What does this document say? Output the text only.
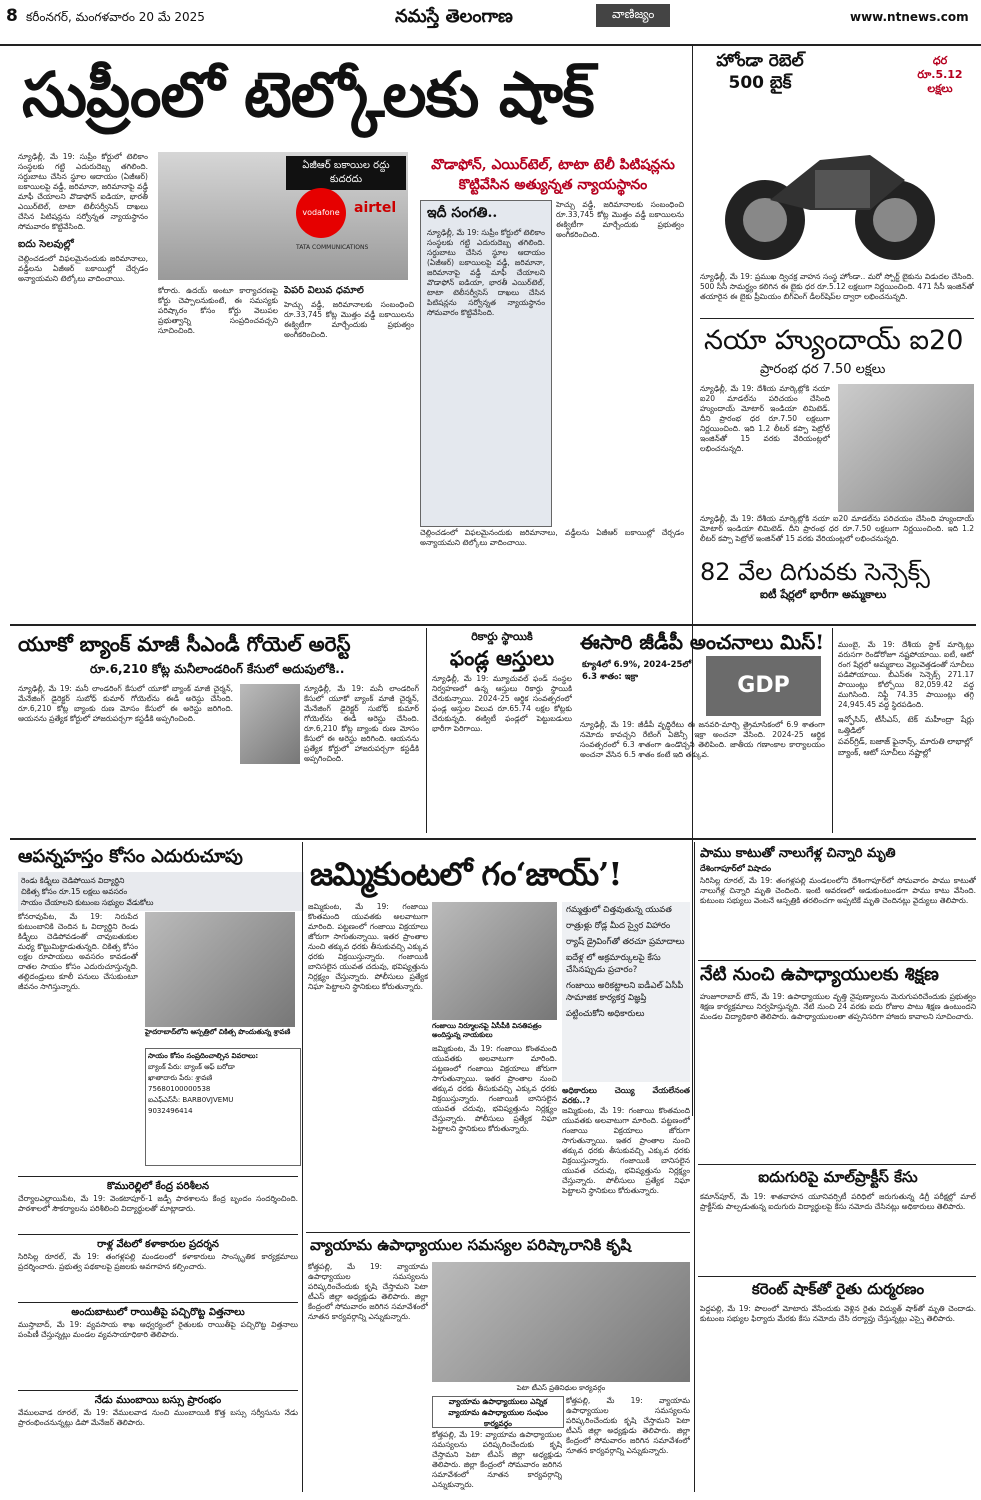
8 కరీంనగర్, మంగళవారం 20 మే 2025	నమస్తే తెలంగాణ	వాణిజ్యం	www.ntnews.com
సుప్రీంలో టెల్కోలకు షాక్
న్యూఢిల్లీ, మే 19: సుప్రీం కోర్టులో టెలికాం సంస్థలకు గట్టి ఎదురుదెబ్బ తగిలింది. సర్దుబాటు చేసిన స్థూల ఆదాయం (ఏజీఆర్) బకాయిలపై వడ్డీ, జరిమానా, జరిమానాపై వడ్డీ మాఫీ చేయాలని వొడాఫోన్ ఐడియా, భారతీ ఎయిర్‌టెల్, టాటా టెలీసర్వీసెస్ దాఖలు చేసిన పిటిషన్లను సర్వోన్నత న్యాయస్థానం సోమవారం కొట్టివేసింది.
ఐదు సెలవుల్లో
చెల్లించడంలో విఫలమైనందుకు జరిమానాలు, వడ్డీలను ఏజీఆర్ బకాయిల్లో చేర్చడం అన్యాయమని టెల్కోలు వాదించాయి.
ఏజీఆర్ బకాయిల రద్దు కుదరదు
vodafone	airtel
TATA COMMUNICATIONS
వొడాఫోన్, ఎయిర్‌టెల్, టాటా టెలీ పిటిషన్లను కొట్టివేసిన అత్యున్నత న్యాయస్థానం
కోరారు. ఉదయ్ అంటూ కార్యాచరణపై కోర్టు చెప్పాలనుకుంటే, ఈ సమస్యకు పరిష్కారం కోసం కోర్టు వెలుపల ప్రభుత్వాన్ని సంప్రదించవచ్చని సూచించింది.
పేపర్ విలువ ధమాల్
హెచ్చు వడ్డీ, జరిమానాలకు సంబంధించి రూ.33,745 కోట్ల మొత్తం వడ్డీ బకాయిలను ఈక్విటీగా మార్చేందుకు ప్రభుత్వం అంగీకరించింది.
ఇదీ సంగతి..
న్యూఢిల్లీ, మే 19: సుప్రీం కోర్టులో టెలికాం సంస్థలకు గట్టి ఎదురుదెబ్బ తగిలింది. సర్దుబాటు చేసిన స్థూల ఆదాయం (ఏజీఆర్) బకాయిలపై వడ్డీ, జరిమానా, జరిమానాపై వడ్డీ మాఫీ చేయాలని వొడాఫోన్ ఐడియా, భారతీ ఎయిర్‌టెల్, టాటా టెలీసర్వీసెస్ దాఖలు చేసిన పిటిషన్లను సర్వోన్నత న్యాయస్థానం సోమవారం కొట్టివేసింది.
హెచ్చు వడ్డీ, జరిమానాలకు సంబంధించి రూ.33,745 కోట్ల మొత్తం వడ్డీ బకాయిలను ఈక్విటీగా మార్చేందుకు ప్రభుత్వం అంగీకరించింది.
చెల్లించడంలో విఫలమైనందుకు జరిమానాలు, వడ్డీలను ఏజీఆర్ బకాయిల్లో చేర్చడం అన్యాయమని టెల్కోలు వాదించాయి.
హోండా రెబెల్ 500 బైక్
ధర
రూ.5.12 లక్షలు
న్యూఢిల్లీ, మే 19: ప్రముఖ ద్విచక్ర వాహన సంస్థ హోండా.. మరో స్పోర్ట్ బైకును విడుదల చేసింది. 500 సీసీ సామర్థ్యం కలిగిన ఈ బైకు ధర రూ.5.12 లక్షలుగా నిర్ణయించింది. 471 సీసీ ఇంజిన్‌తో తయారైన ఈ బైకు ప్రీమియం బిగ్‌వింగ్ డీలర్‌షిప్‌ల ద్వారా లభించనున్నది.
నయా హ్యుందాయ్ ఐ20
ప్రారంభ ధర 7.50 లక్షలు
న్యూఢిల్లీ, మే 19: దేశీయ మార్కెట్లోకి నయా ఐ20 మాడల్‌ను పరిచయం చేసింది హ్యుందాయ్ మోటార్ ఇండియా లిమిటెడ్. దీని ప్రారంభ ధర రూ.7.50 లక్షలుగా నిర్ణయించింది. ఇది 1.2 లీటర్ కప్పా పెట్రోల్ ఇంజిన్‌తో 15 వరకు వేరియంట్లలో లభించనున్నది.
న్యూఢిల్లీ, మే 19: దేశీయ మార్కెట్లోకి నయా ఐ20 మాడల్‌ను పరిచయం చేసింది హ్యుందాయ్ మోటార్ ఇండియా లిమిటెడ్. దీని ప్రారంభ ధర రూ.7.50 లక్షలుగా నిర్ణయించింది. ఇది 1.2 లీటర్ కప్పా పెట్రోల్ ఇంజిన్‌తో 15 వరకు వేరియంట్లలో లభించనున్నది.
యూకో బ్యాంక్ మాజీ సీఎండీ గోయెల్ అరెస్ట్
రూ.6,210 కోట్ల మనీలాండరింగ్ కేసులో అదుపులోకి..
న్యూఢిల్లీ, మే 19: మనీ లాండరింగ్ కేసులో యూకో బ్యాంక్ మాజీ చైర్మన్, మేనేజింగ్ డైరెక్టర్ సుబోధ్ కుమార్ గోయెల్‌ను ఈడీ అరెస్టు చేసింది. రూ.6,210 కోట్ల బ్యాంకు రుణ మోసం కేసులో ఈ అరెస్టు జరిగింది. ఆయనను ప్రత్యేక కోర్టులో హాజరుపర్చగా కస్టడీకి అప్పగించింది.
న్యూఢిల్లీ, మే 19: మనీ లాండరింగ్ కేసులో యూకో బ్యాంక్ మాజీ చైర్మన్, మేనేజింగ్ డైరెక్టర్ సుబోధ్ కుమార్ గోయెల్‌ను ఈడీ అరెస్టు చేసింది. రూ.6,210 కోట్ల బ్యాంకు రుణ మోసం కేసులో ఈ అరెస్టు జరిగింది. ఆయనను ప్రత్యేక కోర్టులో హాజరుపర్చగా కస్టడీకి అప్పగించింది.
రికార్డు స్థాయికి
ఫండ్ల ఆస్తులు
న్యూఢిల్లీ, మే 19: మ్యూచువల్ ఫండ్ సంస్థల నిర్వహణలో ఉన్న ఆస్తులు రికార్డు స్థాయికి చేరుకున్నాయి. 2024-25 ఆర్థిక సంవత్సరంలో ఫండ్ల ఆస్తుల విలువ రూ.65.74 లక్షల కోట్లకు చేరుకున్నది. ఈక్విటీ ఫండ్లలో పెట్టుబడులు భారీగా పెరిగాయి.
ఈసారి జీడీపీ అంచనాలు మిస్!
క్యూ4లో 6.9%, 2024-25లో 6.3 శాతం: ఇక్రా	GDP
న్యూఢిల్లీ, మే 19: జీడీపీ వృద్ధిరేటు ఈ జనవరి-మార్చి త్రైమాసికంలో 6.9 శాతంగా నమోదు కావచ్చని రేటింగ్ ఏజెన్సీ ఇక్రా అంచనా వేసింది. 2024-25 ఆర్థిక సంవత్సరంలో 6.3 శాతంగా ఉండొచ్చని తెలిపింది. జాతీయ గణాంకాల కార్యాలయం అంచనా వేసిన 6.5 శాతం కంటే ఇది తక్కువ.
82 వేల దిగువకు సెన్సెక్స్
ఐటీ షేర్లలో భారీగా అమ్మకాలు
ముంబై, మే 19: దేశీయ స్టాక్ మార్కెట్లు వరుసగా రెండోరోజూ నష్టపోయాయి. ఐటీ, ఆటో రంగ షేర్లలో అమ్మకాలు వెల్లువెత్తడంతో సూచీలు పడిపోయాయి. బీఎస్ఈ సెన్సెక్స్ 271.17 పాయింట్లు కోల్పోయి 82,059.42 వద్ద ముగిసింది. నిఫ్టీ 74.35 పాయింట్లు తగ్గి 24,945.45 వద్ద స్థిరపడింది.
ఇన్ఫోసిస్, టీసీఎస్, టెక్ మహీంద్రా షేర్లు ఒత్తిడిలో
పవర్‌గ్రిడ్, బజాజ్ ఫైనాన్స్, మారుతి లాభాల్లో
బ్యాంక్, ఆటో సూచీలు నష్టాల్లో
ఆపన్నహస్తం కోసం ఎదురుచూపు
రెండు కిడ్నీలు చెడిపోయిన విద్యార్థిని
చికిత్స కోసం రూ.15 లక్షలు అవసరం
సాయం చేయాలని కుటుంబ సభ్యుల వేడుకోలు
కోనరావుపేట, మే 19: నిరుపేద కుటుంబానికి చెందిన ఓ విద్యార్థిని రెండు కిడ్నీలు చెడిపోవడంతో చావుబతుకుల మధ్య కొట్టుమిట్టాడుతున్నది. చికిత్స కోసం లక్షల రూపాయలు అవసరం కావడంతో దాతల సాయం కోసం ఎదురుచూస్తున్నది. తల్లిదండ్రులు కూలీ పనులు చేసుకుంటూ జీవనం సాగిస్తున్నారు.
హైదరాబాద్‌లోని ఆస్పత్రిలో చికిత్స పొందుతున్న శ్రావణి
సాయం కోసం సంప్రదించాల్సిన వివరాలు:
బ్యాంక్ పేరు: బ్యాంక్ ఆఫ్ బరోడా
ఖాతాదారు పేరు: శ్రావణి
75680100000538
ఐఎఫ్ఎస్‌సీ: BARB0VJVEMU
9032496414
కొమురెల్లిలో కేంద్ర పరిశీలన
చేర్యాలఎల్లాయిపేట, మే 19: వెంకటాపూర్-1 జడ్పీ పాఠశాలను కేంద్ర బృందం సందర్శించింది. పాఠశాలలో సౌకర్యాలను పరిశీలించి విద్యార్థులతో మాట్లాడారు.
రాళ్ల వేటలో కళాకారుల ప్రదర్శన
సిరిసిల్ల రూరల్, మే 19: తంగళ్లపల్లి మండలంలో కళాకారులు సాంస్కృతిక కార్యక్రమాలు ప్రదర్శించారు. ప్రభుత్వ పథకాలపై ప్రజలకు అవగాహన కల్పించారు.
అందుబాటులో రాయితీపై పచ్చిరొట్ట విత్తనాలు
ముస్తాబాద్, మే 19: వ్యవసాయ శాఖ ఆధ్వర్యంలో రైతులకు రాయితీపై పచ్చిరొట్ట విత్తనాలు పంపిణీ చేస్తున్నట్లు మండల వ్యవసాయాధికారి తెలిపారు.
నేడు ముంబాయి బస్సు ప్రారంభం
వేములవాడ రూరల్, మే 19: వేములవాడ నుంచి ముంబాయికి కొత్త బస్సు సర్వీసును నేడు ప్రారంభించనున్నట్లు డిపో మేనేజర్ తెలిపారు.
జమ్మికుంటలో గం‘జాయ్’!
జమ్మికుంట, మే 19: గంజాయి కొంతమంది యువతకు అలవాటుగా మారింది. పట్టణంలో గంజాయి విక్రయాలు జోరుగా సాగుతున్నాయి. ఇతర ప్రాంతాల నుంచి తక్కువ ధరకు తీసుకువచ్చి ఎక్కువ ధరకు విక్రయిస్తున్నారు. గంజాయికి బానిసలైన యువత చదువు, భవిష్యత్తును నిర్లక్ష్యం చేస్తున్నారు. పోలీసులు ప్రత్యేక నిఘా పెట్టాలని స్థానికులు కోరుతున్నారు.
గంజాయి నిర్మూలనపై ఏసీపీకి వినతిపత్రం అందిస్తున్న నాయకులు
జమ్మికుంట, మే 19: గంజాయి కొంతమంది యువతకు అలవాటుగా మారింది. పట్టణంలో గంజాయి విక్రయాలు జోరుగా సాగుతున్నాయి. ఇతర ప్రాంతాల నుంచి తక్కువ ధరకు తీసుకువచ్చి ఎక్కువ ధరకు విక్రయిస్తున్నారు. గంజాయికి బానిసలైన యువత చదువు, భవిష్యత్తును నిర్లక్ష్యం చేస్తున్నారు. పోలీసులు ప్రత్యేక నిఘా పెట్టాలని స్థానికులు కోరుతున్నారు.
గమ్మత్తులో చిత్తవుతున్న యువత
రాత్రుళ్లు రోడ్ల మీద స్వైర విహారం
ర్యాష్ డ్రైవింగ్‌తో తరచూ ప్రమాదాలు
ఐదేళ్ల లో అక్రమార్కులపై కేసు చేసినప్పుడు ప్రచారం?
గంజాయి అరికట్టాలని ఐడీఎల్ ఏసీపీ సామాజిక కార్యకర్త విజ్ఞప్తి
పట్టించుకోని అధికారులు
అధికారులు చెయ్యి వేయలేనంత వరకు..?
జమ్మికుంట, మే 19: గంజాయి కొంతమంది యువతకు అలవాటుగా మారింది. పట్టణంలో గంజాయి విక్రయాలు జోరుగా సాగుతున్నాయి. ఇతర ప్రాంతాల నుంచి తక్కువ ధరకు తీసుకువచ్చి ఎక్కువ ధరకు విక్రయిస్తున్నారు. గంజాయికి బానిసలైన యువత చదువు, భవిష్యత్తును నిర్లక్ష్యం చేస్తున్నారు. పోలీసులు ప్రత్యేక నిఘా పెట్టాలని స్థానికులు కోరుతున్నారు.
వ్యాయామ ఉపాధ్యాయుల సమస్యల పరిష్కారానికి కృషి
కోత్తపల్లి, మే 19: వ్యాయామ ఉపాధ్యాయుల సమస్యలను పరిష్కరించేందుకు కృషి చేస్తామని పెటా టీఎస్ జిల్లా అధ్యక్షుడు తెలిపారు. జిల్లా కేంద్రంలో సోమవారం జరిగిన సమావేశంలో నూతన కార్యవర్గాన్ని ఎన్నుకున్నారు.
పెటా టీఎస్ ప్రతినిధుల కార్యవర్గం
వ్యాయామ ఉపాధ్యాయులు ఎన్నిక
వ్యాయామ ఉపాధ్యాయుల సంఘం కార్యవర్గం
కోత్తపల్లి, మే 19: వ్యాయామ ఉపాధ్యాయుల సమస్యలను పరిష్కరించేందుకు కృషి చేస్తామని పెటా టీఎస్ జిల్లా అధ్యక్షుడు తెలిపారు. జిల్లా కేంద్రంలో సోమవారం జరిగిన సమావేశంలో నూతన కార్యవర్గాన్ని ఎన్నుకున్నారు.
కోత్తపల్లి, మే 19: వ్యాయామ ఉపాధ్యాయుల సమస్యలను పరిష్కరించేందుకు కృషి చేస్తామని పెటా టీఎస్ జిల్లా అధ్యక్షుడు తెలిపారు. జిల్లా కేంద్రంలో సోమవారం జరిగిన సమావేశంలో నూతన కార్యవర్గాన్ని ఎన్నుకున్నారు.
పాము కాటుతో నాలుగేళ్ల చిన్నారి మృతి
దేశింగాపూర్‌లో విషాదం
సిరిసిల్ల రూరల్, మే 19: తంగళ్లపల్లి మండలంలోని దేశింగాపూర్‌లో సోమవారం పాము కాటుతో నాలుగేళ్ల చిన్నారి మృతి చెందింది. ఇంటి ఆవరణలో ఆడుకుంటుండగా పాము కాటు వేసింది. కుటుంబ సభ్యులు వెంటనే ఆస్పత్రికి తరలించగా అప్పటికే మృతి చెందినట్లు వైద్యులు తెలిపారు.
నేటి నుంచి ఉపాధ్యాయులకు శిక్షణ
హుజూరాబాద్ టౌన్, మే 19: ఉపాధ్యాయుల వృత్తి నైపుణ్యాలను మెరుగుపరిచేందుకు ప్రభుత్వం శిక్షణ కార్యక్రమాలు నిర్వహిస్తున్నది. నేటి నుంచి 24 వరకు ఐదు రోజుల పాటు శిక్షణ ఉంటుందని మండల విద్యాధికారి తెలిపారు. ఉపాధ్యాయులంతా తప్పనిసరిగా హాజరు కావాలని సూచించారు.
ఐదుగురిపై మాల్‌ప్రాక్టీస్ కేసు
కమాన్‌పూర్, మే 19: శాతవాహన యూనివర్సిటీ పరిధిలో జరుగుతున్న డిగ్రీ పరీక్షల్లో మాల్ ప్రాక్టీస్‌కు పాల్పడుతున్న ఐదుగురు విద్యార్థులపై కేసు నమోదు చేసినట్లు అధికారులు తెలిపారు.
కరెంట్ షాక్‌తో రైతు దుర్మరణం
పెద్దపల్లి, మే 19: పొలంలో మోటారు వేసేందుకు వెళ్లిన రైతు విద్యుత్ షాక్‌తో మృతి చెందాడు. కుటుంబ సభ్యుల ఫిర్యాదు మేరకు కేసు నమోదు చేసి దర్యాప్తు చేస్తున్నట్లు ఎస్సై తెలిపారు.
